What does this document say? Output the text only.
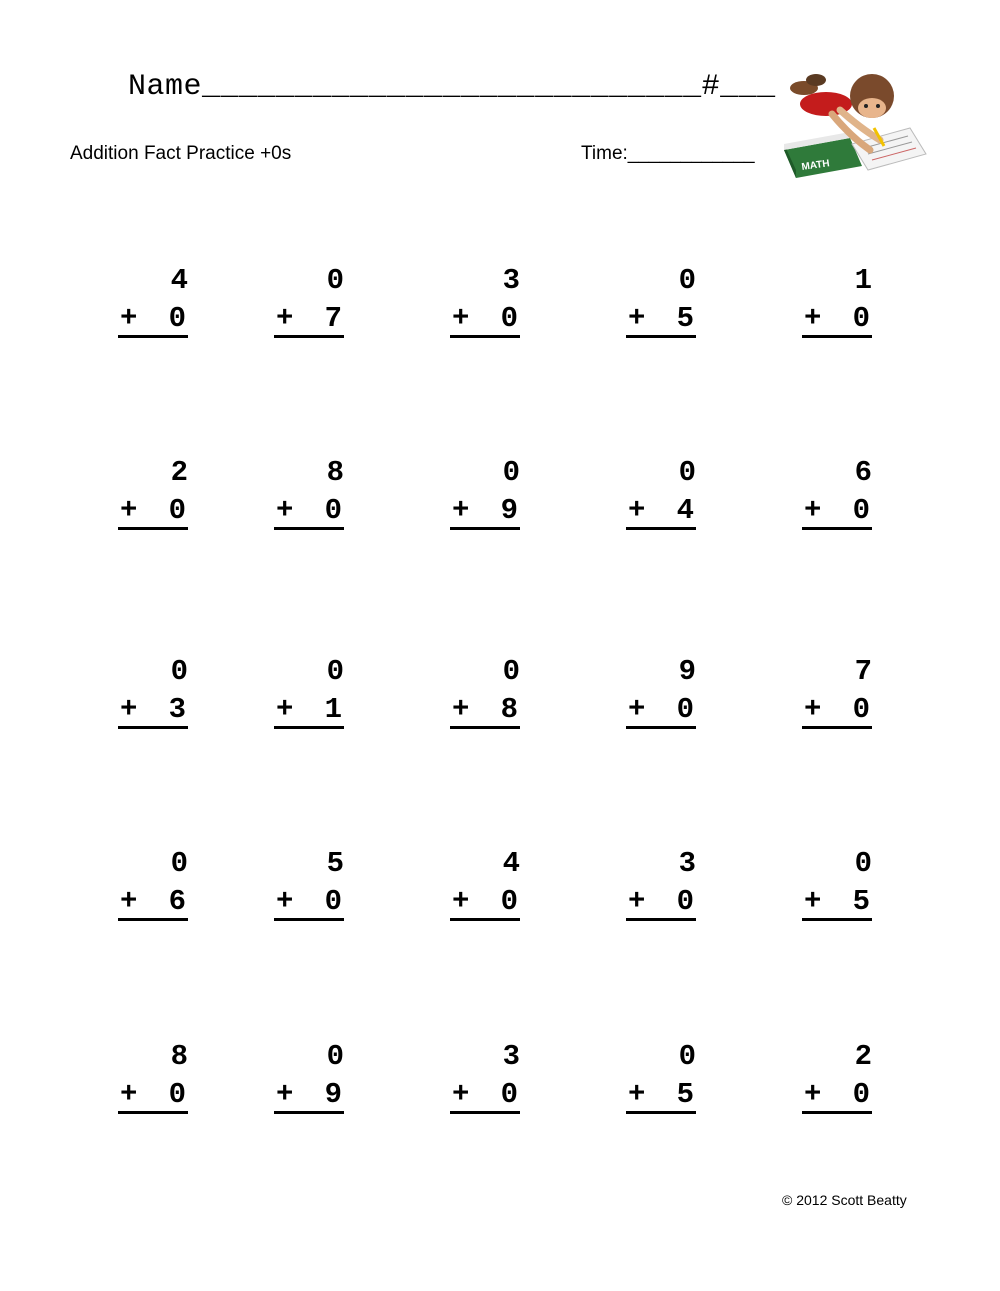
Name___________________________#___
Addition Fact Practice +0s	Time:____________
MATH
4
+ 0
0
+ 7
3
+ 0
0
+ 5
1
+ 0
2
+ 0
8
+ 0
0
+ 9
0
+ 4
6
+ 0
0
+ 3
0
+ 1
0
+ 8
9
+ 0
7
+ 0
0
+ 6
5
+ 0
4
+ 0
3
+ 0
0
+ 5
8
+ 0
0
+ 9
3
+ 0
0
+ 5
2
+ 0
© 2012 Scott Beatty
